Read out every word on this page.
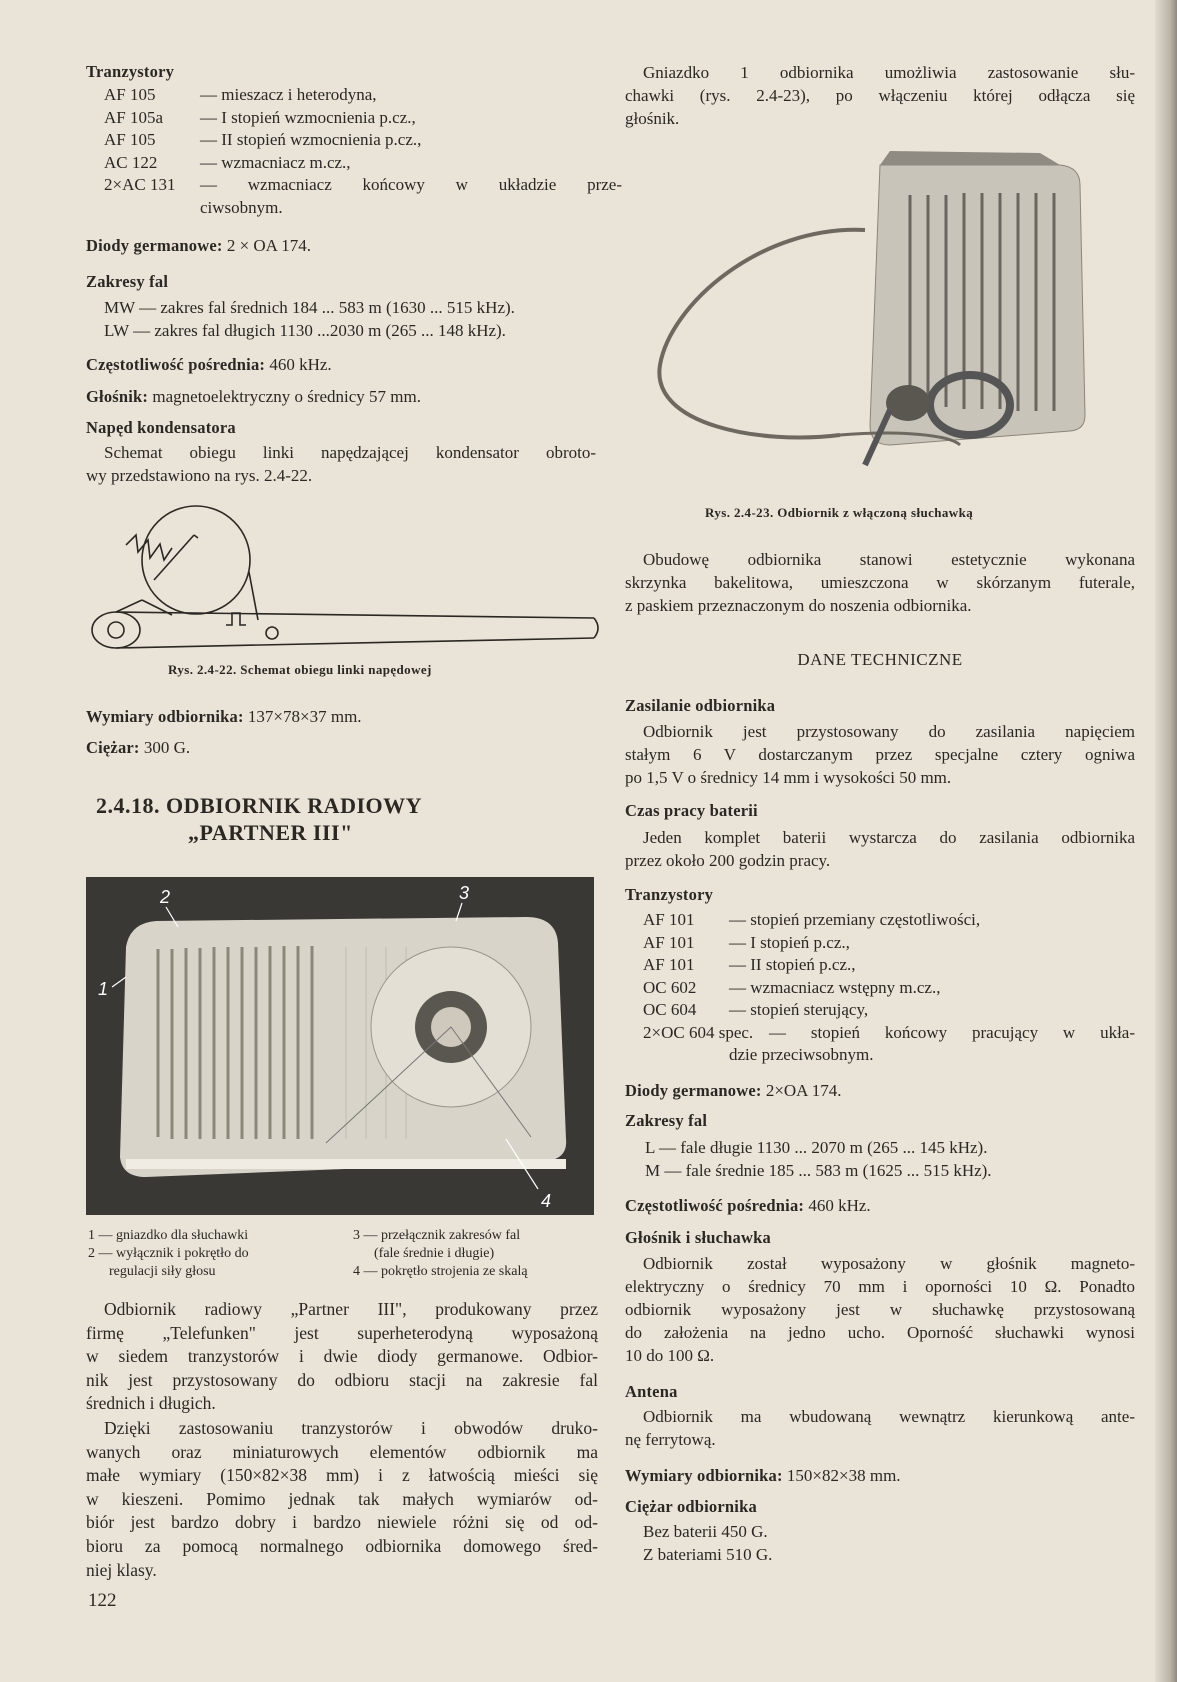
Tranzystory
AF 105	— mieszacz i heterodyna,
AF 105a	— I stopień wzmocnienia p.cz.,
AF 105	— II stopień wzmocnienia p.cz.,
AC 122	— wzmacniacz m.cz.,
2×AC 131	— wzmacniacz końcowy w układzie prze-
ciwsobnym.
Diody germanowe: 2 × OA 174.
Zakresy fal
MW — zakres fal średnich 184 ... 583 m (1630 ... 515 kHz).
LW — zakres fal długich 1130 ...2030 m (265 ... 148 kHz).
Częstotliwość pośrednia: 460 kHz.
Głośnik: magnetoelektryczny o średnicy 57 mm.
Napęd kondensatora
Schemat obiegu linki napędzającej kondensator obroto-
wy przedstawiono na rys. 2.4-22.
Rys. 2.4-22. Schemat obiegu linki napędowej
Wymiary odbiornika: 137×78×37 mm.
Ciężar: 300 G.
2.4.18. ODBIORNIK RADIOWY
„PARTNER III"
1
2	3
4
1 — gniazdko dla słuchawki
2 — wyłącznik i pokrętło do
regulacji siły głosu
3 — przełącznik zakresów fal
(fale średnie i długie)
4 — pokrętło strojenia ze skalą
Odbiornik radiowy „Partner III", produkowany przez
firmę „Telefunken" jest superheterodyną wyposażoną
w siedem tranzystorów i dwie diody germanowe. Odbior-
nik jest przystosowany do odbioru stacji na zakresie fal
średnich i długich.
Dzięki zastosowaniu tranzystorów i obwodów druko-
wanych oraz miniaturowych elementów odbiornik ma
małe wymiary (150×82×38 mm) i z łatwością mieści się
w kieszeni. Pomimo jednak tak małych wymiarów od-
biór jest bardzo dobry i bardzo niewiele różni się od od-
bioru za pomocą normalnego odbiornika domowego śred-
niej klasy.
122
Gniazdko 1 odbiornika umożliwia zastosowanie słu-
chawki (rys. 2.4-23), po włączeniu której odłącza się
głośnik.
Rys. 2.4-23. Odbiornik z włączoną słuchawką
Obudowę odbiornika stanowi estetycznie wykonana
skrzynka bakelitowa, umieszczona w skórzanym futerale,
z paskiem przeznaczonym do noszenia odbiornika.
DANE TECHNICZNE
Zasilanie odbiornika
Odbiornik jest przystosowany do zasilania napięciem
stałym 6 V dostarczanym przez specjalne cztery ogniwa
po 1,5 V o średnicy 14 mm i wysokości 50 mm.
Czas pracy baterii
Jeden komplet baterii wystarcza do zasilania odbiornika
przez około 200 godzin pracy.
Tranzystory
AF 101	— stopień przemiany częstotliwości,
AF 101	— I stopień p.cz.,
AF 101	— II stopień p.cz.,
OC 602	— wzmacniacz wstępny m.cz.,
OC 604	— stopień sterujący,
2×OC 604 spec. — stopień końcowy pracujący w ukła-
dzie przeciwsobnym.
Diody germanowe: 2×OA 174.
Zakresy fal
L — fale długie 1130 ... 2070 m (265 ... 145 kHz).
M — fale średnie 185 ... 583 m (1625 ... 515 kHz).
Częstotliwość pośrednia: 460 kHz.
Głośnik i słuchawka
Odbiornik został wyposażony w głośnik magneto-
elektryczny o średnicy 70 mm i oporności 10 Ω. Ponadto
odbiornik wyposażony jest w słuchawkę przystosowaną
do założenia na jedno ucho. Oporność słuchawki wynosi
10 do 100 Ω.
Antena
Odbiornik ma wbudowaną wewnątrz kierunkową ante-
nę ferrytową.
Wymiary odbiornika: 150×82×38 mm.
Ciężar odbiornika
Bez baterii 450 G.
Z bateriami 510 G.
